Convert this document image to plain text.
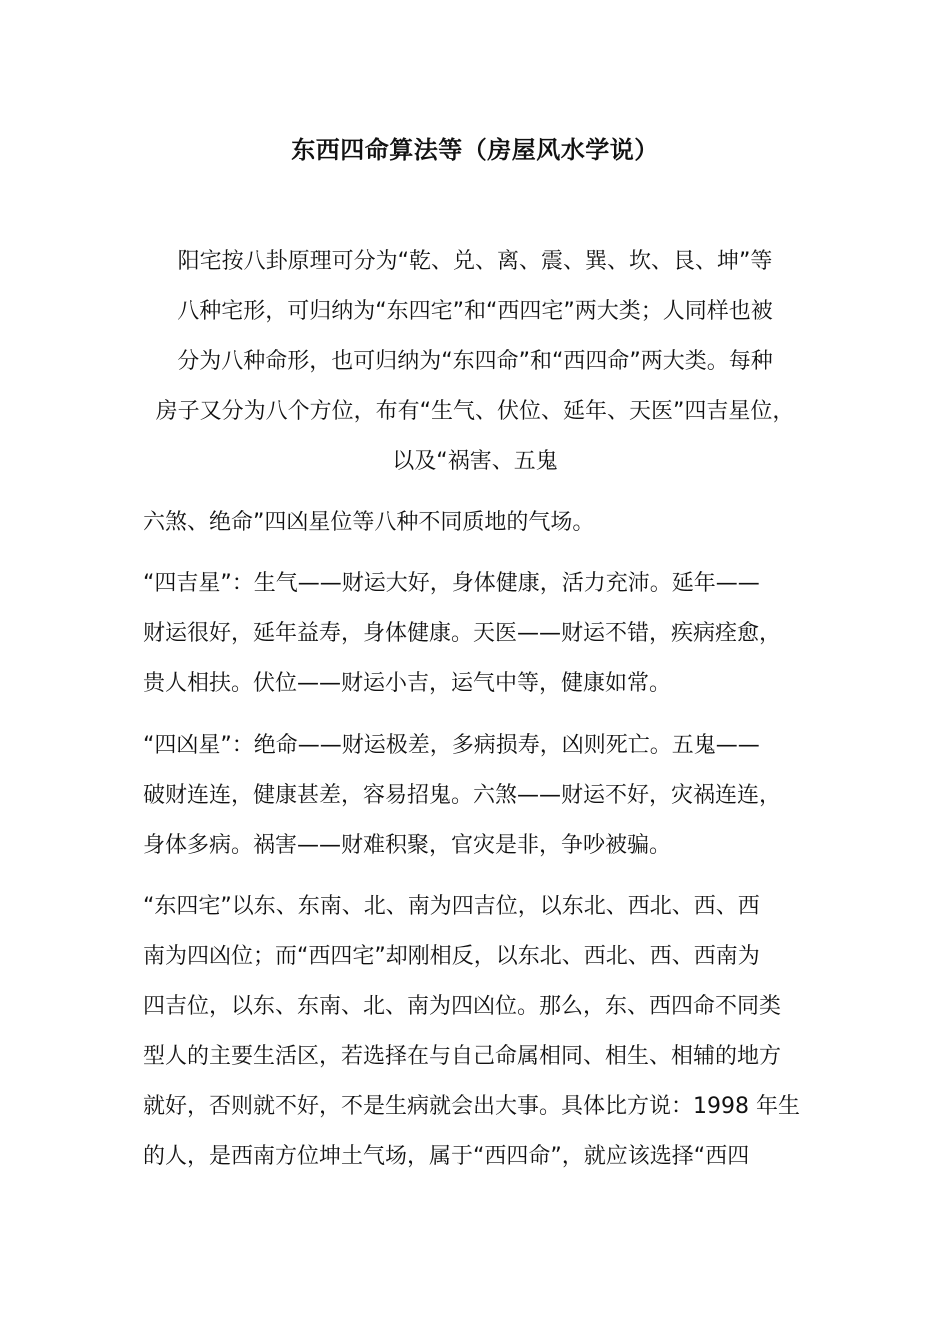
东西四命算法等（房屋风水学说）
阳宅按八卦原理可分为“乾、兑、离、震、巽、坎、艮、坤”等
八种宅形，可归纳为“东四宅”和“西四宅”两大类；人同样也被
分为八种命形，也可归纳为“东四命”和“西四命”两大类。每种
房子又分为八个方位，布有“生气、伏位、延年、天医”四吉星位，
以及“祸害、五鬼
六煞、绝命”四凶星位等八种不同质地的气场。
“四吉星”：生气——财运大好，身体健康，活力充沛。延年——
财运很好，延年益寿，身体健康。天医——财运不错，疾病痊愈，
贵人相扶。伏位——财运小吉，运气中等，健康如常。
“四凶星”：绝命——财运极差，多病损寿，凶则死亡。五鬼——
破财连连，健康甚差，容易招鬼。六煞——财运不好，灾祸连连，
身体多病。祸害——财难积聚，官灾是非，争吵被骗。
“东四宅”以东、东南、北、南为四吉位，以东北、西北、西、西
南为四凶位；而“西四宅”却刚相反，以东北、西北、西、西南为
四吉位，以东、东南、北、南为四凶位。那么，东、西四命不同类
型人的主要生活区，若选择在与自己命属相同、相生、相辅的地方
就好，否则就不好，不是生病就会出大事。具体比方说：1998 年生
的人，是西南方位坤土气场，属于“西四命”，就应该选择“西四
